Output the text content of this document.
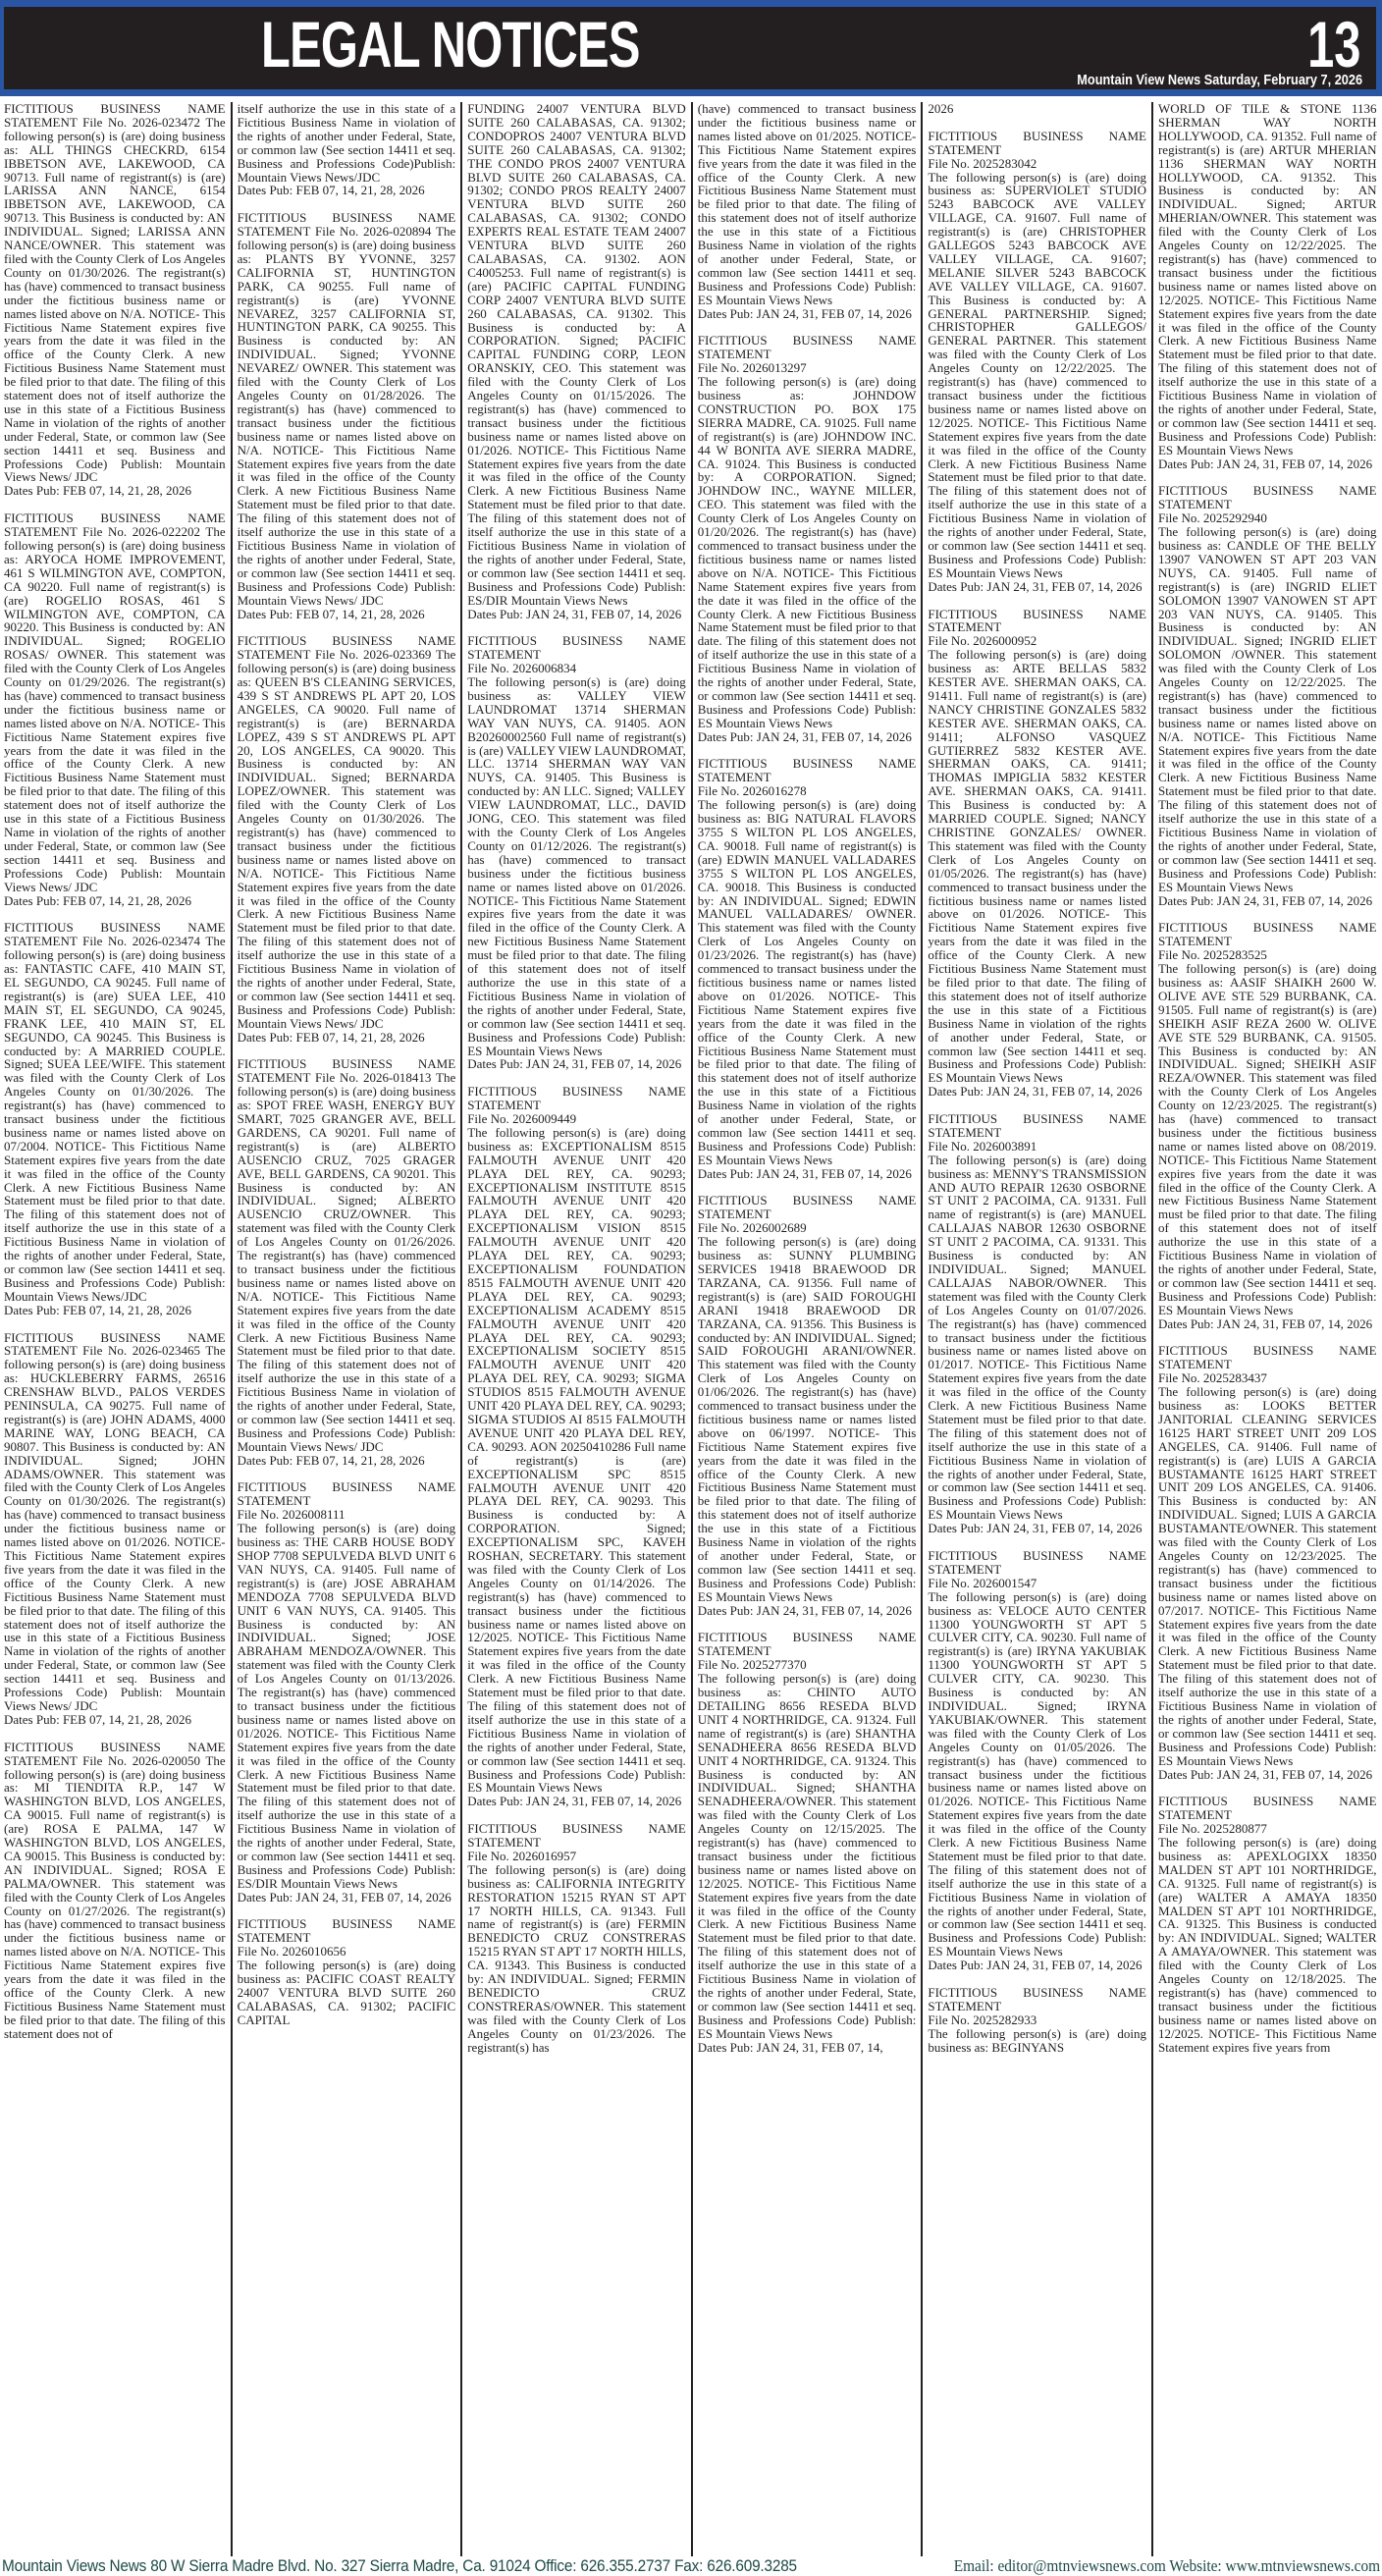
LEGAL NOTICES	13
Mountain View News Saturday, February 7, 2026

FICTITIOUS BUSINESS NAME STATEMENT File No. 2026-023472 The following person(s) is (are) doing business as: ALL THINGS CHECKRD, 6154 IBBETSON AVE, LAKEWOOD, CA 90713. Full name of registrant(s) is (are) LARISSA ANN NANCE, 6154 IBBETSON AVE, LAKEWOOD, CA 90713. This Business is conducted by: AN INDIVIDUAL. Signed; LARISSA ANN NANCE/OWNER. This statement was filed with the County Clerk of Los Angeles County on 01/30/2026. The registrant(s) has (have) commenced to transact business under the fictitious business name or names listed above on N/A. NOTICE- This Fictitious Name Statement expires five years from the date it was filed in the office of the County Clerk. A new Fictitious Business Name Statement must be filed prior to that date. The filing of this statement does not of itself authorize the use in this state of a Fictitious Business Name in violation of the rights of another under Federal, State, or common law (See section 14411 et seq. Business and Professions Code) Publish: Mountain Views News/ JDC
Dates Pub: FEB 07, 14, 21, 28, 2026

FICTITIOUS BUSINESS NAME STATEMENT File No. 2026-022202 The following person(s) is (are) doing business as: ARYOCA HOME IMPROVEMENT, 461 S WILMINGTON AVE, COMPTON, CA 90220. Full name of registrant(s) is (are) ROGELIO ROSAS, 461 S WILMINGTON AVE, COMPTON, CA 90220. This Business is conducted by: AN INDIVIDUAL. Signed; ROGELIO ROSAS/ OWNER. This statement was filed with the County Clerk of Los Angeles County on 01/29/2026. The registrant(s) has (have) commenced to transact business under the fictitious business name or names listed above on N/A. NOTICE- This Fictitious Name Statement expires five years from the date it was filed in the office of the County Clerk. A new Fictitious Business Name Statement must be filed prior to that date. The filing of this statement does not of itself authorize the use in this state of a Fictitious Business Name in violation of the rights of another under Federal, State, or common law (See section 14411 et seq. Business and Professions Code) Publish: Mountain Views News/ JDC
Dates Pub: FEB 07, 14, 21, 28, 2026

FICTITIOUS BUSINESS NAME STATEMENT File No. 2026-023474 The following person(s) is (are) doing business as: FANTASTIC CAFE, 410 MAIN ST, EL SEGUNDO, CA 90245. Full name of registrant(s) is (are) SUEA LEE, 410 MAIN ST, EL SEGUNDO, CA 90245, FRANK LEE, 410 MAIN ST, EL SEGUNDO, CA 90245. This Business is conducted by: A MARRIED COUPLE. Signed; SUEA LEE/WIFE. This statement was filed with the County Clerk of Los Angeles County on 01/30/2026. The registrant(s) has (have) commenced to transact business under the fictitious business name or names listed above on 07/2004. NOTICE- This Fictitious Name Statement expires five years from the date it was filed in the office of the County Clerk. A new Fictitious Business Name Statement must be filed prior to that date. The filing of this statement does not of itself authorize the use in this state of a Fictitious Business Name in violation of the rights of another under Federal, State, or common law (See section 14411 et seq. Business and Professions Code) Publish: Mountain Views News/JDC
Dates Pub: FEB 07, 14, 21, 28, 2026

FICTITIOUS BUSINESS NAME STATEMENT File No. 2026-023465 The following person(s) is (are) doing business as: HUCKLEBERRY FARMS, 26516 CRENSHAW BLVD., PALOS VERDES PENINSULA, CA 90275. Full name of registrant(s) is (are) JOHN ADAMS, 4000 MARINE WAY, LONG BEACH, CA 90807. This Business is conducted by: AN INDIVIDUAL. Signed; JOHN ADAMS/OWNER. This statement was filed with the County Clerk of Los Angeles County on 01/30/2026. The registrant(s) has (have) commenced to transact business under the fictitious business name or names listed above on 01/2026. NOTICE- This Fictitious Name Statement expires five years from the date it was filed in the office of the County Clerk. A new Fictitious Business Name Statement must be filed prior to that date. The filing of this statement does not of itself authorize the use in this state of a Fictitious Business Name in violation of the rights of another under Federal, State, or common law (See section 14411 et seq. Business and Professions Code) Publish: Mountain Views News/ JDC
Dates Pub: FEB 07, 14, 21, 28, 2026

FICTITIOUS BUSINESS NAME STATEMENT File No. 2026-020050 The following person(s) is (are) doing business as: MI TIENDITA R.P., 147 W WASHINGTON BLVD, LOS ANGELES, CA 90015. Full name of registrant(s) is (are) ROSA E PALMA, 147 W WASHINGTON BLVD, LOS ANGELES, CA 90015. This Business is conducted by: AN INDIVIDUAL. Signed; ROSA E PALMA/OWNER. This statement was filed with the County Clerk of Los Angeles County on 01/27/2026. The registrant(s) has (have) commenced to transact business under the fictitious business name or names listed above on N/A. NOTICE- This Fictitious Name Statement expires five years from the date it was filed in the office of the County Clerk. A new Fictitious Business Name Statement must be filed prior to that date. The filing of this statement does not of

itself authorize the use in this state of a Fictitious Business Name in violation of the rights of another under Federal, State, or common law (See section 14411 et seq. Business and Professions Code)Publish: Mountain Views News/JDC
Dates Pub: FEB 07, 14, 21, 28, 2026

FICTITIOUS BUSINESS NAME STATEMENT File No. 2026-020894 The following person(s) is (are) doing business as: PLANTS BY YVONNE, 3257 CALIFORNIA ST, HUNTINGTON PARK, CA 90255. Full name of registrant(s) is (are) YVONNE NEVAREZ, 3257 CALIFORNIA ST, HUNTINGTON PARK, CA 90255. This Business is conducted by: AN INDIVIDUAL. Signed; YVONNE NEVAREZ/ OWNER. This statement was filed with the County Clerk of Los Angeles County on 01/28/2026. The registrant(s) has (have) commenced to transact business under the fictitious business name or names listed above on N/A. NOTICE- This Fictitious Name Statement expires five years from the date it was filed in the office of the County Clerk. A new Fictitious Business Name Statement must be filed prior to that date. The filing of this statement does not of itself authorize the use in this state of a Fictitious Business Name in violation of the rights of another under Federal, State, or common law (See section 14411 et seq. Business and Professions Code) Publish: Mountain Views News/ JDC
Dates Pub: FEB 07, 14, 21, 28, 2026

FICTITIOUS BUSINESS NAME STATEMENT File No. 2026-023369 The following person(s) is (are) doing business as: QUEEN B'S CLEANING SERVICES, 439 S ST ANDREWS PL APT 20, LOS ANGELES, CA 90020. Full name of registrant(s) is (are) BERNARDA LOPEZ, 439 S ST ANDREWS PL APT 20, LOS ANGELES, CA 90020. This Business is conducted by: AN INDIVIDUAL. Signed; BERNARDA LOPEZ/OWNER. This statement was filed with the County Clerk of Los Angeles County on 01/30/2026. The registrant(s) has (have) commenced to transact business under the fictitious business name or names listed above on N/A. NOTICE- This Fictitious Name Statement expires five years from the date it was filed in the office of the County Clerk. A new Fictitious Business Name Statement must be filed prior to that date. The filing of this statement does not of itself authorize the use in this state of a Fictitious Business Name in violation of the rights of another under Federal, State, or common law (See section 14411 et seq. Business and Professions Code) Publish: Mountain Views News/ JDC
Dates Pub: FEB 07, 14, 21, 28, 2026

FICTITIOUS BUSINESS NAME STATEMENT File No. 2026-018413 The following person(s) is (are) doing business as: SPOT FREE WASH, ENERGY BUY SMART, 7025 GRANGER AVE, BELL GARDENS, CA 90201. Full name of registrant(s) is (are) ALBERTO AUSENCIO CRUZ, 7025 GRAGER AVE, BELL GARDENS, CA 90201. This Business is conducted by: AN INDIVIDUAL. Signed; ALBERTO AUSENCIO CRUZ/OWNER. This statement was filed with the County Clerk of Los Angeles County on 01/26/2026. The registrant(s) has (have) commenced to transact business under the fictitious business name or names listed above on N/A. NOTICE- This Fictitious Name Statement expires five years from the date it was filed in the office of the County Clerk. A new Fictitious Business Name Statement must be filed prior to that date. The filing of this statement does not of itself authorize the use in this state of a Fictitious Business Name in violation of the rights of another under Federal, State, or common law (See section 14411 et seq. Business and Professions Code) Publish: Mountain Views News/ JDC
Dates Pub: FEB 07, 14, 21, 28, 2026

FICTITIOUS BUSINESS NAME STATEMENT
File No. 2026008111
The following person(s) is (are) doing business as: THE CARB HOUSE BODY SHOP 7708 SEPULVEDA BLVD UNIT 6 VAN NUYS, CA. 91405. Full name of registrant(s) is (are) JOSE ABRAHAM MENDOZA 7708 SEPULVEDA BLVD UNIT 6 VAN NUYS, CA. 91405. This Business is conducted by: AN INDIVIDUAL. Signed; JOSE ABRAHAM MENDOZA/OWNER. This statement was filed with the County Clerk of Los Angeles County on 01/13/2026. The registrant(s) has (have) commenced to transact business under the fictitious business name or names listed above on 01/2026. NOTICE- This Fictitious Name Statement expires five years from the date it was filed in the office of the County Clerk. A new Fictitious Business Name Statement must be filed prior to that date. The filing of this statement does not of itself authorize the use in this state of a Fictitious Business Name in violation of the rights of another under Federal, State, or common law (See section 14411 et seq. Business and Professions Code) Publish: ES/DIR Mountain Views News
Dates Pub: JAN 24, 31, FEB 07, 14, 2026

FICTITIOUS BUSINESS NAME STATEMENT
File No. 2026010656
The following person(s) is (are) doing business as: PACIFIC COAST REALTY 24007 VENTURA BLVD SUITE 260 CALABASAS, CA. 91302; PACIFIC CAPITAL

FUNDING 24007 VENTURA BLVD SUITE 260 CALABASAS, CA. 91302; CONDOPROS 24007 VENTURA BLVD SUITE 260 CALABASAS, CA. 91302; THE CONDO PROS 24007 VENTURA BLVD SUITE 260 CALABASAS, CA. 91302; CONDO PROS REALTY 24007 VENTURA BLVD SUITE 260 CALABASAS, CA. 91302; CONDO EXPERTS REAL ESTATE TEAM 24007 VENTURA BLVD SUITE 260 CALABASAS, CA. 91302. AON C4005253. Full name of registrant(s) is (are) PACIFIC CAPITAL FUNDING CORP 24007 VENTURA BLVD SUITE 260 CALABASAS, CA. 91302. This Business is conducted by: A CORPORATION. Signed; PACIFIC CAPITAL FUNDING CORP, LEON ORANSKIY, CEO. This statement was filed with the County Clerk of Los Angeles County on 01/15/2026. The registrant(s) has (have) commenced to transact business under the fictitious business name or names listed above on 01/2026. NOTICE- This Fictitious Name Statement expires five years from the date it was filed in the office of the County Clerk. A new Fictitious Business Name Statement must be filed prior to that date. The filing of this statement does not of itself authorize the use in this state of a Fictitious Business Name in violation of the rights of another under Federal, State, or common law (See section 14411 et seq. Business and Professions Code) Publish: ES/DIR Mountain Views News
Dates Pub: JAN 24, 31, FEB 07, 14, 2026

FICTITIOUS BUSINESS NAME STATEMENT
File No. 2026006834
The following person(s) is (are) doing business as: VALLEY VIEW LAUNDROMAT 13714 SHERMAN WAY VAN NUYS, CA. 91405. AON B20260002560 Full name of registrant(s) is (are) VALLEY VIEW LAUNDROMAT, LLC. 13714 SHERMAN WAY VAN NUYS, CA. 91405. This Business is conducted by: AN LLC. Signed; VALLEY VIEW LAUNDROMAT, LLC., DAVID JONG, CEO. This statement was filed with the County Clerk of Los Angeles County on 01/12/2026. The registrant(s) has (have) commenced to transact business under the fictitious business name or names listed above on 01/2026. NOTICE- This Fictitious Name Statement expires five years from the date it was filed in the office of the County Clerk. A new Fictitious Business Name Statement must be filed prior to that date. The filing of this statement does not of itself authorize the use in this state of a Fictitious Business Name in violation of the rights of another under Federal, State, or common law (See section 14411 et seq. Business and Professions Code) Publish: ES Mountain Views News
Dates Pub: JAN 24, 31, FEB 07, 14, 2026

FICTITIOUS BUSINESS NAME STATEMENT
File No. 2026009449
The following person(s) is (are) doing business as: EXCEPTIONALISM 8515 FALMOUTH AVENUE UNIT 420 PLAYA DEL REY, CA. 90293; EXCEPTIONALISM INSTITUTE 8515 FALMOUTH AVENUE UNIT 420 PLAYA DEL REY, CA. 90293; EXCEPTIONALISM VISION 8515 FALMOUTH AVENUE UNIT 420 PLAYA DEL REY, CA. 90293; EXCEPTIONALISM FOUNDATION 8515 FALMOUTH AVENUE UNIT 420 PLAYA DEL REY, CA. 90293; EXCEPTIONALISM ACADEMY 8515 FALMOUTH AVENUE UNIT 420 PLAYA DEL REY, CA. 90293; EXCEPTIONALISM SOCIETY 8515 FALMOUTH AVENUE UNIT 420 PLAYA DEL REY, CA. 90293; SIGMA STUDIOS 8515 FALMOUTH AVENUE UNIT 420 PLAYA DEL REY, CA. 90293; SIGMA STUDIOS AI 8515 FALMOUTH AVENUE UNIT 420 PLAYA DEL REY, CA. 90293. AON 20250410286 Full name of registrant(s) is (are) EXCEPTIONALISM SPC 8515 FALMOUTH AVENUE UNIT 420 PLAYA DEL REY, CA. 90293. This Business is conducted by: A CORPORATION. Signed; EXCEPTIONALISM SPC, KAVEH ROSHAN, SECRETARY. This statement was filed with the County Clerk of Los Angeles County on 01/14/2026. The registrant(s) has (have) commenced to transact business under the fictitious business name or names listed above on 12/2025. NOTICE- This Fictitious Name Statement expires five years from the date it was filed in the office of the County Clerk. A new Fictitious Business Name Statement must be filed prior to that date. The filing of this statement does not of itself authorize the use in this state of a Fictitious Business Name in violation of the rights of another under Federal, State, or common law (See section 14411 et seq. Business and Professions Code) Publish: ES Mountain Views News
Dates Pub: JAN 24, 31, FEB 07, 14, 2026

FICTITIOUS BUSINESS NAME STATEMENT
File No. 2026016957
The following person(s) is (are) doing business as: CALIFORNIA INTEGRITY RESTORATION 15215 RYAN ST APT 17 NORTH HILLS, CA. 91343. Full name of registrant(s) is (are) FERMIN BENEDICTO CRUZ CONSTRERAS 15215 RYAN ST APT 17 NORTH HILLS, CA. 91343. This Business is conducted by: AN INDIVIDUAL. Signed; FERMIN BENEDICTO CRUZ CONSTRERAS/OWNER. This statement was filed with the County Clerk of Los Angeles County on 01/23/2026. The registrant(s) has

(have) commenced to transact business under the fictitious business name or names listed above on 01/2025. NOTICE- This Fictitious Name Statement expires five years from the date it was filed in the office of the County Clerk. A new Fictitious Business Name Statement must be filed prior to that date. The filing of this statement does not of itself authorize the use in this state of a Fictitious Business Name in violation of the rights of another under Federal, State, or common law (See section 14411 et seq. Business and Professions Code) Publish: ES Mountain Views News
Dates Pub: JAN 24, 31, FEB 07, 14, 2026

FICTITIOUS BUSINESS NAME STATEMENT
File No. 2026013297
The following person(s) is (are) doing business as: JOHNDOW CONSTRUCTION PO. BOX 175 SIERRA MADRE, CA. 91025. Full name of registrant(s) is (are) JOHNDOW INC. 44 W BONITA AVE SIERRA MADRE, CA. 91024. This Business is conducted by: A CORPORATION. Signed; JOHNDOW INC., WAYNE MILLER, CEO. This statement was filed with the County Clerk of Los Angeles County on 01/20/2026. The registrant(s) has (have) commenced to transact business under the fictitious business name or names listed above on N/A. NOTICE- This Fictitious Name Statement expires five years from the date it was filed in the office of the County Clerk. A new Fictitious Business Name Statement must be filed prior to that date. The filing of this statement does not of itself authorize the use in this state of a Fictitious Business Name in violation of the rights of another under Federal, State, or common law (See section 14411 et seq. Business and Professions Code) Publish: ES Mountain Views News
Dates Pub: JAN 24, 31, FEB 07, 14, 2026

FICTITIOUS BUSINESS NAME STATEMENT
File No. 2026016278
The following person(s) is (are) doing business as: BIG NATURAL FLAVORS 3755 S WILTON PL LOS ANGELES, CA. 90018. Full name of registrant(s) is (are) EDWIN MANUEL VALLADARES 3755 S WILTON PL LOS ANGELES, CA. 90018. This Business is conducted by: AN INDIVIDUAL. Signed; EDWIN MANUEL VALLADARES/ OWNER. This statement was filed with the County Clerk of Los Angeles County on 01/23/2026. The registrant(s) has (have) commenced to transact business under the fictitious business name or names listed above on 01/2026. NOTICE- This Fictitious Name Statement expires five years from the date it was filed in the office of the County Clerk. A new Fictitious Business Name Statement must be filed prior to that date. The filing of this statement does not of itself authorize the use in this state of a Fictitious Business Name in violation of the rights of another under Federal, State, or common law (See section 14411 et seq. Business and Professions Code) Publish: ES Mountain Views News
Dates Pub: JAN 24, 31, FEB 07, 14, 2026

FICTITIOUS BUSINESS NAME STATEMENT
File No. 2026002689
The following person(s) is (are) doing business as: SUNNY PLUMBING SERVICES 19418 BRAEWOOD DR TARZANA, CA. 91356. Full name of registrant(s) is (are) SAID FOROUGHI ARANI 19418 BRAEWOOD DR TARZANA, CA. 91356. This Business is conducted by: AN INDIVIDUAL. Signed; SAID FOROUGHI ARANI/OWNER. This statement was filed with the County Clerk of Los Angeles County on 01/06/2026. The registrant(s) has (have) commenced to transact business under the fictitious business name or names listed above on 06/1997. NOTICE- This Fictitious Name Statement expires five years from the date it was filed in the office of the County Clerk. A new Fictitious Business Name Statement must be filed prior to that date. The filing of this statement does not of itself authorize the use in this state of a Fictitious Business Name in violation of the rights of another under Federal, State, or common law (See section 14411 et seq. Business and Professions Code) Publish: ES Mountain Views News
Dates Pub: JAN 24, 31, FEB 07, 14, 2026

FICTITIOUS BUSINESS NAME STATEMENT
File No. 2025277370
The following person(s) is (are) doing business as: CHINTO AUTO DETAILING 8656 RESEDA BLVD UNIT 4 NORTHRIDGE, CA. 91324. Full name of registrant(s) is (are) SHANTHA SENADHEERA 8656 RESEDA BLVD UNIT 4 NORTHRIDGE, CA. 91324. This Business is conducted by: AN INDIVIDUAL. Signed; SHANTHA SENADHEERA/OWNER. This statement was filed with the County Clerk of Los Angeles County on 12/15/2025. The registrant(s) has (have) commenced to transact business under the fictitious business name or names listed above on 12/2025. NOTICE- This Fictitious Name Statement expires five years from the date it was filed in the office of the County Clerk. A new Fictitious Business Name Statement must be filed prior to that date. The filing of this statement does not of itself authorize the use in this state of a Fictitious Business Name in violation of the rights of another under Federal, State, or common law (See section 14411 et seq. Business and Professions Code) Publish: ES Mountain Views News
Dates Pub: JAN 24, 31, FEB 07, 14,

2026

FICTITIOUS BUSINESS NAME STATEMENT
File No. 2025283042
The following person(s) is (are) doing business as: SUPERVIOLET STUDIO 5243 BABCOCK AVE VALLEY VILLAGE, CA. 91607. Full name of registrant(s) is (are) CHRISTOPHER GALLEGOS 5243 BABCOCK AVE VALLEY VILLAGE, CA. 91607; MELANIE SILVER 5243 BABCOCK AVE VALLEY VILLAGE, CA. 91607. This Business is conducted by: A GENERAL PARTNERSHIP. Signed; CHRISTOPHER GALLEGOS/ GENERAL PARTNER. This statement was filed with the County Clerk of Los Angeles County on 12/22/2025. The registrant(s) has (have) commenced to transact business under the fictitious business name or names listed above on 12/2025. NOTICE- This Fictitious Name Statement expires five years from the date it was filed in the office of the County Clerk. A new Fictitious Business Name Statement must be filed prior to that date. The filing of this statement does not of itself authorize the use in this state of a Fictitious Business Name in violation of the rights of another under Federal, State, or common law (See section 14411 et seq. Business and Professions Code) Publish: ES Mountain Views News
Dates Pub: JAN 24, 31, FEB 07, 14, 2026

FICTITIOUS BUSINESS NAME STATEMENT
File No. 2026000952
The following person(s) is (are) doing business as: ARTE BELLAS 5832 KESTER AVE. SHERMAN OAKS, CA. 91411. Full name of registrant(s) is (are) NANCY CHRISTINE GONZALES 5832 KESTER AVE. SHERMAN OAKS, CA. 91411; ALFONSO VASQUEZ GUTIERREZ 5832 KESTER AVE. SHERMAN OAKS, CA. 91411; THOMAS IMPIGLIA 5832 KESTER AVE. SHERMAN OAKS, CA. 91411. This Business is conducted by: A MARRIED COUPLE. Signed; NANCY CHRISTINE GONZALES/ OWNER. This statement was filed with the County Clerk of Los Angeles County on 01/05/2026. The registrant(s) has (have) commenced to transact business under the fictitious business name or names listed above on 01/2026. NOTICE- This Fictitious Name Statement expires five years from the date it was filed in the office of the County Clerk. A new Fictitious Business Name Statement must be filed prior to that date. The filing of this statement does not of itself authorize the use in this state of a Fictitious Business Name in violation of the rights of another under Federal, State, or common law (See section 14411 et seq. Business and Professions Code) Publish: ES Mountain Views News
Dates Pub: JAN 24, 31, FEB 07, 14, 2026

FICTITIOUS BUSINESS NAME STATEMENT
File No. 2026003891
The following person(s) is (are) doing business as: MENNY'S TRANSMISSION AND AUTO REPAIR 12630 OSBORNE ST UNIT 2 PACOIMA, CA. 91331. Full name of registrant(s) is (are) MANUEL CALLAJAS NABOR 12630 OSBORNE ST UNIT 2 PACOIMA, CA. 91331. This Business is conducted by: AN INDIVIDUAL. Signed; MANUEL CALLAJAS NABOR/OWNER. This statement was filed with the County Clerk of Los Angeles County on 01/07/2026. The registrant(s) has (have) commenced to transact business under the fictitious business name or names listed above on 01/2017. NOTICE- This Fictitious Name Statement expires five years from the date it was filed in the office of the County Clerk. A new Fictitious Business Name Statement must be filed prior to that date. The filing of this statement does not of itself authorize the use in this state of a Fictitious Business Name in violation of the rights of another under Federal, State, or common law (See section 14411 et seq. Business and Professions Code) Publish: ES Mountain Views News
Dates Pub: JAN 24, 31, FEB 07, 14, 2026

FICTITIOUS BUSINESS NAME STATEMENT
File No. 2026001547
The following person(s) is (are) doing business as: VELOCE AUTO CENTER 11300 YOUNGWORTH ST APT 5 CULVER CITY, CA. 90230. Full name of registrant(s) is (are) IRYNA YAKUBIAK 11300 YOUNGWORTH ST APT 5 CULVER CITY, CA. 90230. This Business is conducted by: AN INDIVIDUAL. Signed; IRYNA YAKUBIAK/OWNER. This statement was filed with the County Clerk of Los Angeles County on 01/05/2026. The registrant(s) has (have) commenced to transact business under the fictitious business name or names listed above on 01/2026. NOTICE- This Fictitious Name Statement expires five years from the date it was filed in the office of the County Clerk. A new Fictitious Business Name Statement must be filed prior to that date. The filing of this statement does not of itself authorize the use in this state of a Fictitious Business Name in violation of the rights of another under Federal, State, or common law (See section 14411 et seq. Business and Professions Code) Publish: ES Mountain Views News
Dates Pub: JAN 24, 31, FEB 07, 14, 2026

FICTITIOUS BUSINESS NAME STATEMENT
File No. 2025282933
The following person(s) is (are) doing business as: BEGINYANS

WORLD OF TILE & STONE 1136 SHERMAN WAY NORTH HOLLYWOOD, CA. 91352. Full name of registrant(s) is (are) ARTUR MHERIAN 1136 SHERMAN WAY NORTH HOLLYWOOD, CA. 91352. This Business is conducted by: AN INDIVIDUAL. Signed; ARTUR MHERIAN/OWNER. This statement was filed with the County Clerk of Los Angeles County on 12/22/2025. The registrant(s) has (have) commenced to transact business under the fictitious business name or names listed above on 12/2025. NOTICE- This Fictitious Name Statement expires five years from the date it was filed in the office of the County Clerk. A new Fictitious Business Name Statement must be filed prior to that date. The filing of this statement does not of itself authorize the use in this state of a Fictitious Business Name in violation of the rights of another under Federal, State, or common law (See section 14411 et seq. Business and Professions Code) Publish: ES Mountain Views News
Dates Pub: JAN 24, 31, FEB 07, 14, 2026

FICTITIOUS BUSINESS NAME STATEMENT
File No. 2025292940
The following person(s) is (are) doing business as: CANDLE OF THE BELLY 13907 VANOWEN ST APT 203 VAN NUYS, CA. 91405. Full name of registrant(s) is (are) INGRID ELIET SOLOMON 13907 VANOWEN ST APT 203 VAN NUYS, CA. 91405. This Business is conducted by: AN INDIVIDUAL. Signed; INGRID ELIET SOLOMON /OWNER. This statement was filed with the County Clerk of Los Angeles County on 12/22/2025. The registrant(s) has (have) commenced to transact business under the fictitious business name or names listed above on N/A. NOTICE- This Fictitious Name Statement expires five years from the date it was filed in the office of the County Clerk. A new Fictitious Business Name Statement must be filed prior to that date. The filing of this statement does not of itself authorize the use in this state of a Fictitious Business Name in violation of the rights of another under Federal, State, or common law (See section 14411 et seq. Business and Professions Code) Publish: ES Mountain Views News
Dates Pub: JAN 24, 31, FEB 07, 14, 2026

FICTITIOUS BUSINESS NAME STATEMENT
File No. 2025283525
The following person(s) is (are) doing business as: AASIF SHAIKH 2600 W. OLIVE AVE STE 529 BURBANK, CA. 91505. Full name of registrant(s) is (are) SHEIKH ASIF REZA 2600 W. OLIVE AVE STE 529 BURBANK, CA. 91505. This Business is conducted by: AN INDIVIDUAL. Signed; SHEIKH ASIF REZA/OWNER. This statement was filed with the County Clerk of Los Angeles County on 12/23/2025. The registrant(s) has (have) commenced to transact business under the fictitious business name or names listed above on 08/2019. NOTICE- This Fictitious Name Statement expires five years from the date it was filed in the office of the County Clerk. A new Fictitious Business Name Statement must be filed prior to that date. The filing of this statement does not of itself authorize the use in this state of a Fictitious Business Name in violation of the rights of another under Federal, State, or common law (See section 14411 et seq. Business and Professions Code) Publish: ES Mountain Views News
Dates Pub: JAN 24, 31, FEB 07, 14, 2026

FICTITIOUS BUSINESS NAME STATEMENT
File No. 2025283437
The following person(s) is (are) doing business as: LOOKS BETTER JANITORIAL CLEANING SERVICES 16125 HART STREET UNIT 209 LOS ANGELES, CA. 91406. Full name of registrant(s) is (are) LUIS A GARCIA BUSTAMANTE 16125 HART STREET UNIT 209 LOS ANGELES, CA. 91406. This Business is conducted by: AN INDIVIDUAL. Signed; LUIS A GARCIA BUSTAMANTE/OWNER. This statement was filed with the County Clerk of Los Angeles County on 12/23/2025. The registrant(s) has (have) commenced to transact business under the fictitious business name or names listed above on 07/2017. NOTICE- This Fictitious Name Statement expires five years from the date it was filed in the office of the County Clerk. A new Fictitious Business Name Statement must be filed prior to that date. The filing of this statement does not of itself authorize the use in this state of a Fictitious Business Name in violation of the rights of another under Federal, State, or common law (See section 14411 et seq. Business and Professions Code) Publish: ES Mountain Views News
Dates Pub: JAN 24, 31, FEB 07, 14, 2026

FICTITIOUS BUSINESS NAME STATEMENT
File No. 2025280877
The following person(s) is (are) doing business as: APEXLOGIXX 18350 MALDEN ST APT 101 NORTHRIDGE, CA. 91325. Full name of registrant(s) is (are) WALTER A AMAYA 18350 MALDEN ST APT 101 NORTHRIDGE, CA. 91325. This Business is conducted by: AN INDIVIDUAL. Signed; WALTER A AMAYA/OWNER. This statement was filed with the County Clerk of Los Angeles County on 12/18/2025. The registrant(s) has (have) commenced to transact business under the fictitious business name or names listed above on 12/2025. NOTICE- This Fictitious Name Statement expires five years from

Mountain Views News 80 W Sierra Madre Blvd. No. 327 Sierra Madre, Ca. 91024 Office: 626.355.2737 Fax: 626.609.3285	Email: editor@mtnviewsnews.com Website: www.mtnviewsnews.com
